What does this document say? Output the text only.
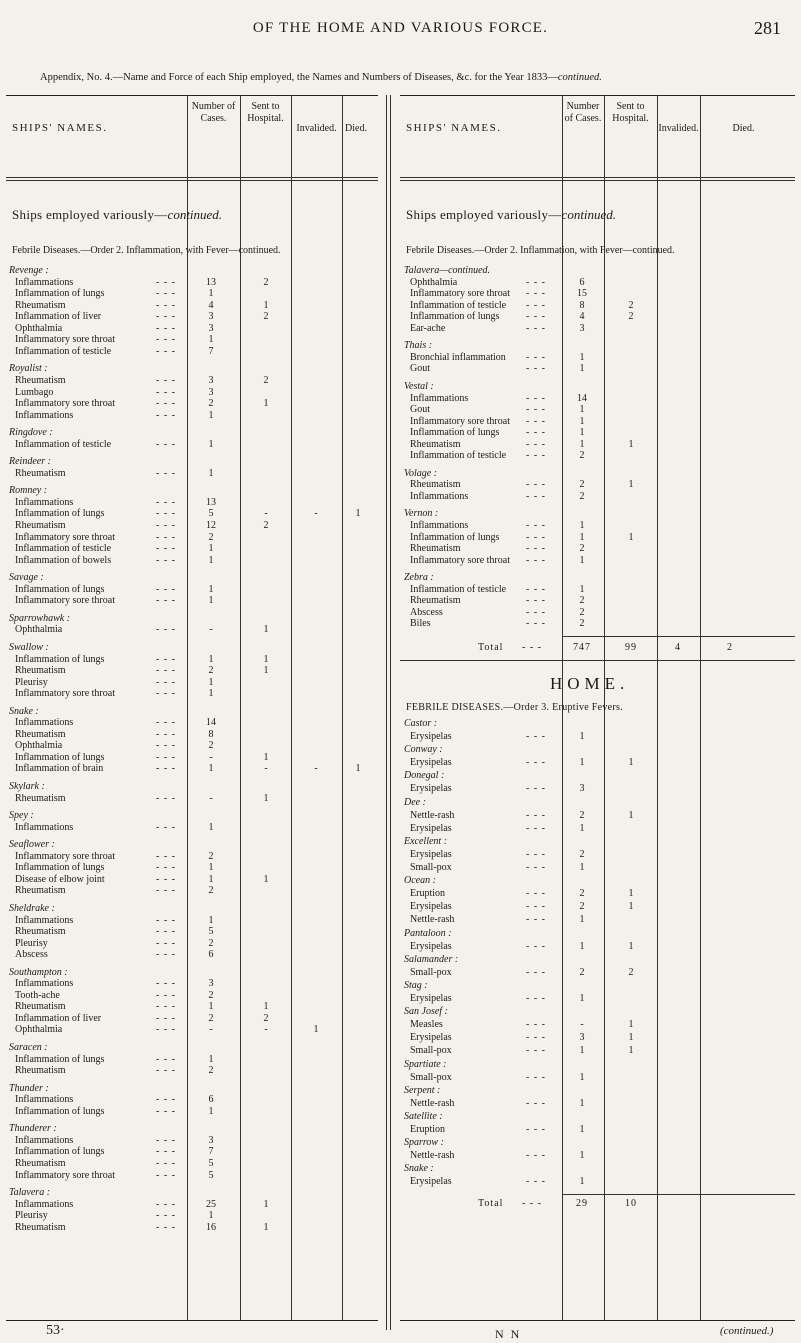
OF THE HOME AND VARIOUS FORCE.	281
Appendix, No. 4.—Name and Force of each Ship employed, the Names and Numbers of Diseases, &c. for the Year 1833—continued.
SHIPS' NAMES.
Number of Cases.
Sent to Hospital.
Invalided. Died.
Ships employed variously—continued.
Febrile Diseases.—Order 2. Inflammation, with Fever—continued.
Revenge :
Inflammations	- - -	13	2
Inflammation of lungs	- - -	1
Rheumatism	- - -	4	1
Inflammation of liver	- - -	3	2
Ophthalmia	- - -	3
Inflammatory sore throat	- - -	1
Inflammation of testicle	- - -	7
Royalist :
Rheumatism	- - -	3	2
Lumbago	- - -	3
Inflammatory sore throat	- - -	2	1
Inflammations	- - -	1
Ringdove :
Inflammation of testicle	- - -	1
Reindeer :
Rheumatism	- - -	1
Romney :
Inflammations	- - -	13
Inflammation of lungs	- - -	5	-	-	1
Rheumatism	- - -	12	2
Inflammatory sore throat	- - -	2
Inflammation of testicle	- - -	1
Inflammation of bowels	- - -	1
Savage :
Inflammation of lungs	- - -	1
Inflammatory sore throat	- - -	1
Sparrowhawk :
Ophthalmia	- - -	-	1
Swallow :
Inflammation of lungs	- - -	1	1
Rheumatism	- - -	2	1
Pleurisy	- - -	1
Inflammatory sore throat	- - -	1
Snake :
Inflammations	- - -	14
Rheumatism	- - -	8
Ophthalmia	- - -	2
Inflammation of lungs	- - -	-	1
Inflammation of brain	- - -	1	-	-	1
Skylark :
Rheumatism	- - -	-	1
Spey :
Inflammations	- - -	1
Seaflower :
Inflammatory sore throat	- - -	2
Inflammation of lungs	- - -	1
Disease of elbow joint	- - -	1	1
Rheumatism	- - -	2
Sheldrake :
Inflammations	- - -	1
Rheumatism	- - -	5
Pleurisy	- - -	2
Abscess	- - -	6
Southampton :
Inflammations	- - -	3
Tooth-ache	- - -	2
Rheumatism	- - -	1	1
Inflammation of liver	- - -	2	2
Ophthalmia	- - -	-	-	1
Saracen :
Inflammation of lungs	- - -	1
Rheumatism	- - -	2
Thunder :
Inflammations	- - -	6
Inflammation of lungs	- - -	1
Thunderer :
Inflammations	- - -	3
Inflammation of lungs	- - -	7
Rheumatism	- - -	5
Inflammatory sore throat	- - -	5
Talavera :
Inflammations	- - -	25	1
Pleurisy	- - -	1
Rheumatism	- - -	16	1
53·
SHIPS' NAMES.
Number of Cases.
Sent to Hospital.
Invalided.	Died.
Ships employed variously—continued.
Febrile Diseases.—Order 2. Inflammation, with Fever—continued.
Talavera—continued.
Ophthalmia	- - -	6
Inflammatory sore throat - - -	15
Inflammation of testicle - - -	8	2
Inflammation of lungs	- - -	4	2
Ear-ache	- - -	3
Thais :
Bronchial inflammation - - -	1
Gout	- - -	1
Vestal :
Inflammations	- - -	14
Gout	- - -	1
Inflammatory sore throat - - -	1
Inflammation of lungs	- - -	1
Rheumatism	- - -	1	1
Inflammation of testicle - - -	2
Volage :
Rheumatism	- - -	2	1
Inflammations	- - -	2
Vernon :
Inflammations	- - -	1
Inflammation of lungs	- - -	1	1
Rheumatism	- - -	2
Inflammatory sore throat - - -	1
Zebra :
Inflammation of testicle - - -	1
Rheumatism	- - -	2
Abscess	- - -	2
Biles	- - -	2
Total - - -	747	99	4	2
HOME.
FEBRILE DISEASES.—Order 3. Eruptive Fevers.
Castor :
Erysipelas	- - -	1
Conway :
Erysipelas	- - -	1	1
Donegal :
Erysipelas	- - -	3
Dee :
Nettle-rash	- - -	2	1
Erysipelas	- - -	1
Excellent :
Erysipelas	- - -	2
Small-pox	- - -	1
Ocean :
Eruption	- - -	2	1
Erysipelas	- - -	2	1
Nettle-rash	- - -	1
Pantaloon :
Erysipelas	- - -	1	1
Salamander :
Small-pox	- - -	2	2
Stag :
Erysipelas	- - -	1
San Josef :
Measles	- - -	-	1
Erysipelas	- - -	3	1
Small-pox	- - -	1	1
Spartiate :
Small-pox	- - -	1
Serpent :
Nettle-rash	- - -	1
Satellite :
Eruption	- - -	1
Sparrow :
Nettle-rash	- - -	1
Snake :
Erysipelas	- - -	1
Total - - -	29	10
N N	(continued.)
